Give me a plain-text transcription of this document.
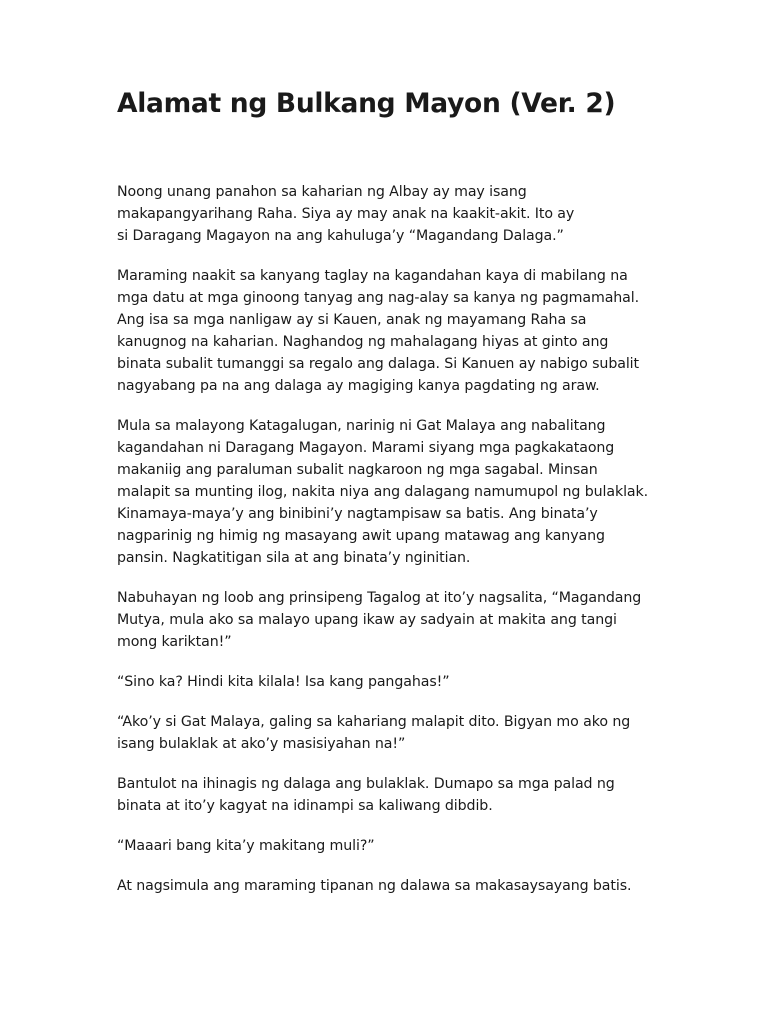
Alamat ng Bulkang Mayon (Ver. 2)

Noong unang panahon sa kaharian ng Albay ay may isang
makapangyarihang Raha. Siya ay may anak na kaakit-akit. Ito ay
si Daragang Magayon na ang kahuluga’y “Magandang Dalaga.”

Maraming naakit sa kanyang taglay na kagandahan kaya di mabilang na
mga datu at mga ginoong tanyag ang nag-alay sa kanya ng pagmamahal.
Ang isa sa mga nanligaw ay si Kauen, anak ng mayamang Raha sa
kanugnog na kaharian. Naghandog ng mahalagang hiyas at ginto ang
binata subalit tumanggi sa regalo ang dalaga. Si Kanuen ay nabigo subalit
nagyabang pa na ang dalaga ay magiging kanya pagdating ng araw.

Mula sa malayong Katagalugan, narinig ni Gat Malaya ang nabalitang
kagandahan ni Daragang Magayon. Marami siyang mga pagkakataong
makaniig ang paraluman subalit nagkaroon ng mga sagabal. Minsan
malapit sa munting ilog, nakita niya ang dalagang namumupol ng bulaklak.
Kinamaya-maya’y ang binibini’y nagtampisaw sa batis. Ang binata’y
nagparinig ng himig ng masayang awit upang matawag ang kanyang
pansin. Nagkatitigan sila at ang binata’y nginitian.

Nabuhayan ng loob ang prinsipeng Tagalog at ito’y nagsalita, “Magandang
Mutya, mula ako sa malayo upang ikaw ay sadyain at makita ang tangi
mong kariktan!”

“Sino ka? Hindi kita kilala! Isa kang pangahas!”

“Ako’y si Gat Malaya, galing sa kahariang malapit dito. Bigyan mo ako ng
isang bulaklak at ako’y masisiyahan na!”

Bantulot na ihinagis ng dalaga ang bulaklak. Dumapo sa mga palad ng
binata at ito’y kagyat na idinampi sa kaliwang dibdib.

“Maaari bang kita’y makitang muli?”

At nagsimula ang maraming tipanan ng dalawa sa makasaysayang batis.
